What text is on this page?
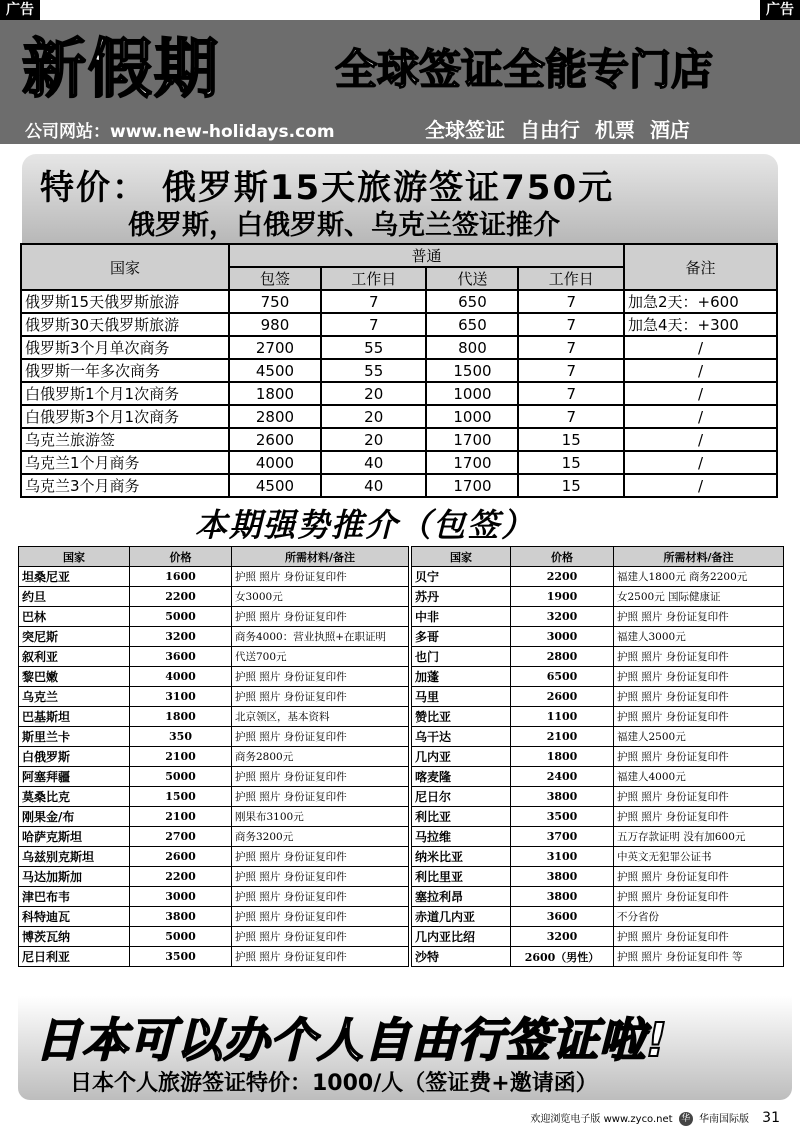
广告	广告
新假期	全球签证全能专门店
公司网站：www.new-holidays.com	全球签证 自由行 机票 酒店
特价： 俄罗斯15天旅游签证750元
俄罗斯，白俄罗斯、乌克兰签证推介
国家	普通				备注
	包签	工作日	代送	工作日	
俄罗斯15天俄罗斯旅游	750	7	650	7	加急2天：+600
俄罗斯30天俄罗斯旅游	980	7	650	7	加急4天：+300
俄罗斯3个月单次商务	2700	55	800	7	/
俄罗斯一年多次商务	4500	55	1500	7	/
白俄罗斯1个月1次商务	1800	20	1000	7	/
白俄罗斯3个月1次商务	2800	20	1000	7	/
乌克兰旅游签	2600	20	1700	15	/
乌克兰1个月商务	4000	40	1700	15	/
乌克兰3个月商务	4500	40	1700	15	/
本期强势推介（包签）
国家	价格	所需材料/备注
坦桑尼亚	1600	护照 照片 身份证复印件
约旦	2200	女3000元
巴林	5000	护照 照片 身份证复印件
突尼斯	3200	商务4000：营业执照+在职证明
叙利亚	3600	代送700元
黎巴嫩	4000	护照 照片 身份证复印件
乌克兰	3100	护照 照片 身份证复印件
巴基斯坦	1800	北京领区，基本资料
斯里兰卡	350	护照 照片 身份证复印件
白俄罗斯	2100	商务2800元
阿塞拜疆	5000	护照 照片 身份证复印件
莫桑比克	1500	护照 照片 身份证复印件
刚果金/布	2100	刚果布3100元
哈萨克斯坦	2700	商务3200元
乌兹别克斯坦	2600	护照 照片 身份证复印件
马达加斯加	2200	护照 照片 身份证复印件
津巴布韦	3000	护照 照片 身份证复印件
科特迪瓦	3800	护照 照片 身份证复印件
博茨瓦纳	5000	护照 照片 身份证复印件
尼日利亚	3500	护照 照片 身份证复印件
国家	价格	所需材料/备注
贝宁	2200	福建人1800元 商务2200元
苏丹	1900	女2500元 国际健康证
中非	3200	护照 照片 身份证复印件
多哥	3000	福建人3000元
也门	2800	护照 照片 身份证复印件
加蓬	6500	护照 照片 身份证复印件
马里	2600	护照 照片 身份证复印件
赞比亚	1100	护照 照片 身份证复印件
乌干达	2100	福建人2500元
几内亚	1800	护照 照片 身份证复印件
喀麦隆	2400	福建人4000元
尼日尔	3800	护照 照片 身份证复印件
利比亚	3500	护照 照片 身份证复印件
马拉维	3700	五万存款证明 没有加600元
纳米比亚	3100	中英文无犯罪公证书
利比里亚	3800	护照 照片 身份证复印件
塞拉利昂	3800	护照 照片 身份证复印件
赤道几内亚	3600	不分省份
几内亚比绍	3200	护照 照片 身份证复印件
沙特	2600（男性）	护照 照片 身份证复印件 等
日本可以办个人自由行签证啦!
日本个人旅游签证特价：1000/人（签证费+邀请函）
欢迎浏览电子版 www.zyco.net 华 华南国际版 31
